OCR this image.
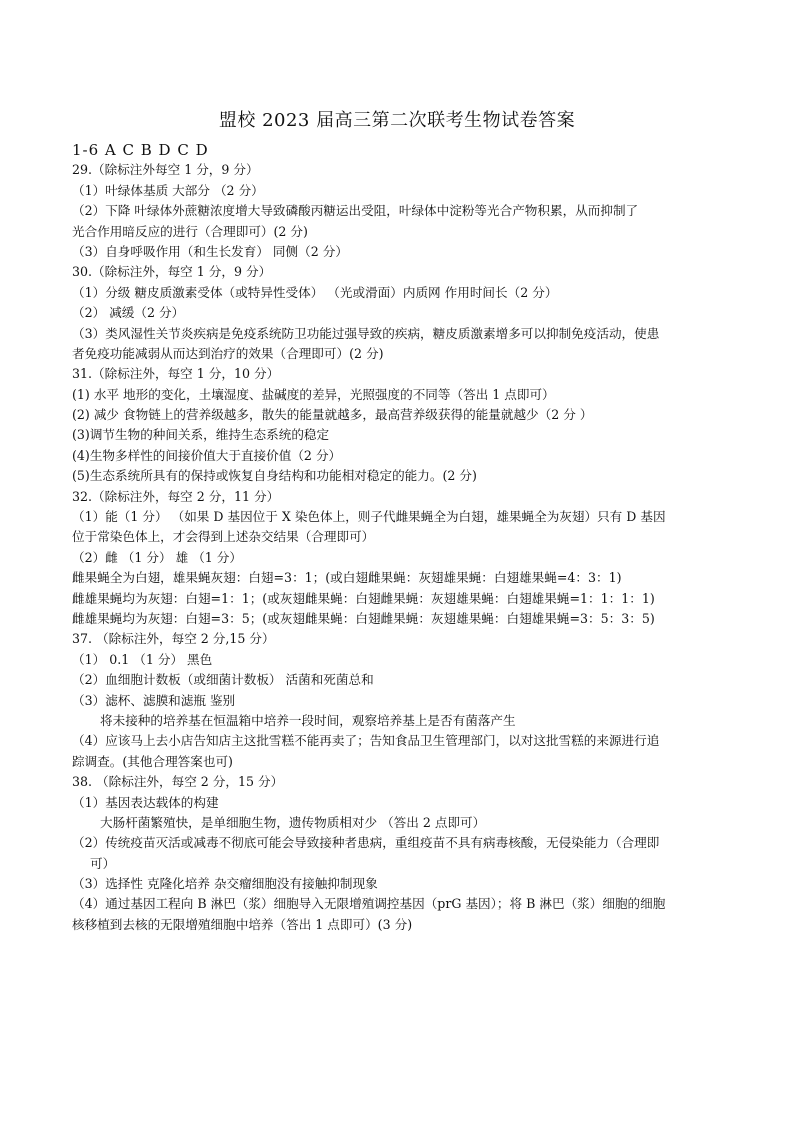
盟校 2023 届高三第二次联考生物试卷答案
1-6 A C B D C D
29.（除标注外每空 1 分，9 分）
（1）叶绿体基质 大部分 （2 分）
（2）下降 叶绿体外蔗糖浓度增大导致磷酸丙糖运出受阻，叶绿体中淀粉等光合产物积累，从而抑制了
光合作用暗反应的进行（合理即可）(2 分)
（3）自身呼吸作用（和生长发育） 同侧（2 分）
30.（除标注外，每空 1 分，9 分）
（1）分级 糖皮质激素受体（或特异性受体） （光或滑面）内质网 作用时间长（2 分）
（2） 减缓（2 分）
（3）类风湿性关节炎疾病是免疫系统防卫功能过强导致的疾病，糖皮质激素增多可以抑制免疫活动，使患
者免疫功能减弱从而达到治疗的效果（合理即可）(2 分)
31.（除标注外，每空 1 分，10 分）
(1) 水平 地形的变化，土壤湿度、盐碱度的差异，光照强度的不同等（答出 1 点即可）
(2) 减少 食物链上的营养级越多，散失的能量就越多，最高营养级获得的能量就越少（2 分 ）
(3)调节生物的种间关系，维持生态系统的稳定
(4)生物多样性的间接价值大于直接价值（2 分）
(5)生态系统所具有的保持或恢复自身结构和功能相对稳定的能力。(2 分)
32.（除标注外，每空 2 分，11 分）
（1）能（1 分） （如果 D 基因位于 X 染色体上，则子代雌果蝇全为白翅，雄果蝇全为灰翅）只有 D 基因
位于常染色体上，才会得到上述杂交结果（合理即可）
（2）雌 （1 分） 雄 （1 分）
雌果蝇全为白翅，雄果蝇灰翅：白翅=3：1；(或白翅雌果蝇：灰翅雄果蝇：白翅雄果蝇=4：3：1)
雌雄果蝇均为灰翅：白翅=1：1；(或灰翅雌果蝇：白翅雌果蝇：灰翅雄果蝇：白翅雄果蝇=1：1：1：1)
雌雄果蝇均为灰翅：白翅=3：5；(或灰翅雌果蝇：白翅雌果蝇：灰翅雄果蝇：白翅雄果蝇=3：5：3：5)
37. （除标注外，每空 2 分,15 分）
（1） 0.1 （1 分） 黑色
（2）血细胞计数板（或细菌计数板） 活菌和死菌总和
（3）滤杯、滤膜和滤瓶 鉴别
将未接种的培养基在恒温箱中培养一段时间，观察培养基上是否有菌落产生
（4）应该马上去小店告知店主这批雪糕不能再卖了；告知食品卫生管理部门，以对这批雪糕的来源进行追
踪调查。(其他合理答案也可)
38. （除标注外，每空 2 分，15 分）
（1）基因表达载体的构建
大肠杆菌繁殖快，是单细胞生物，遗传物质相对少 （答出 2 点即可）
（2）传统疫苗灭活或减毒不彻底可能会导致接种者患病，重组疫苗不具有病毒核酸，无侵染能力（合理即
可）
（3）选择性 克隆化培养 杂交瘤细胞没有接触抑制现象
（4）通过基因工程向 B 淋巴（浆）细胞导入无限增殖调控基因（prG 基因）；将 B 淋巴（浆）细胞的细胞
核移植到去核的无限增殖细胞中培养（答出 1 点即可）(3 分)
